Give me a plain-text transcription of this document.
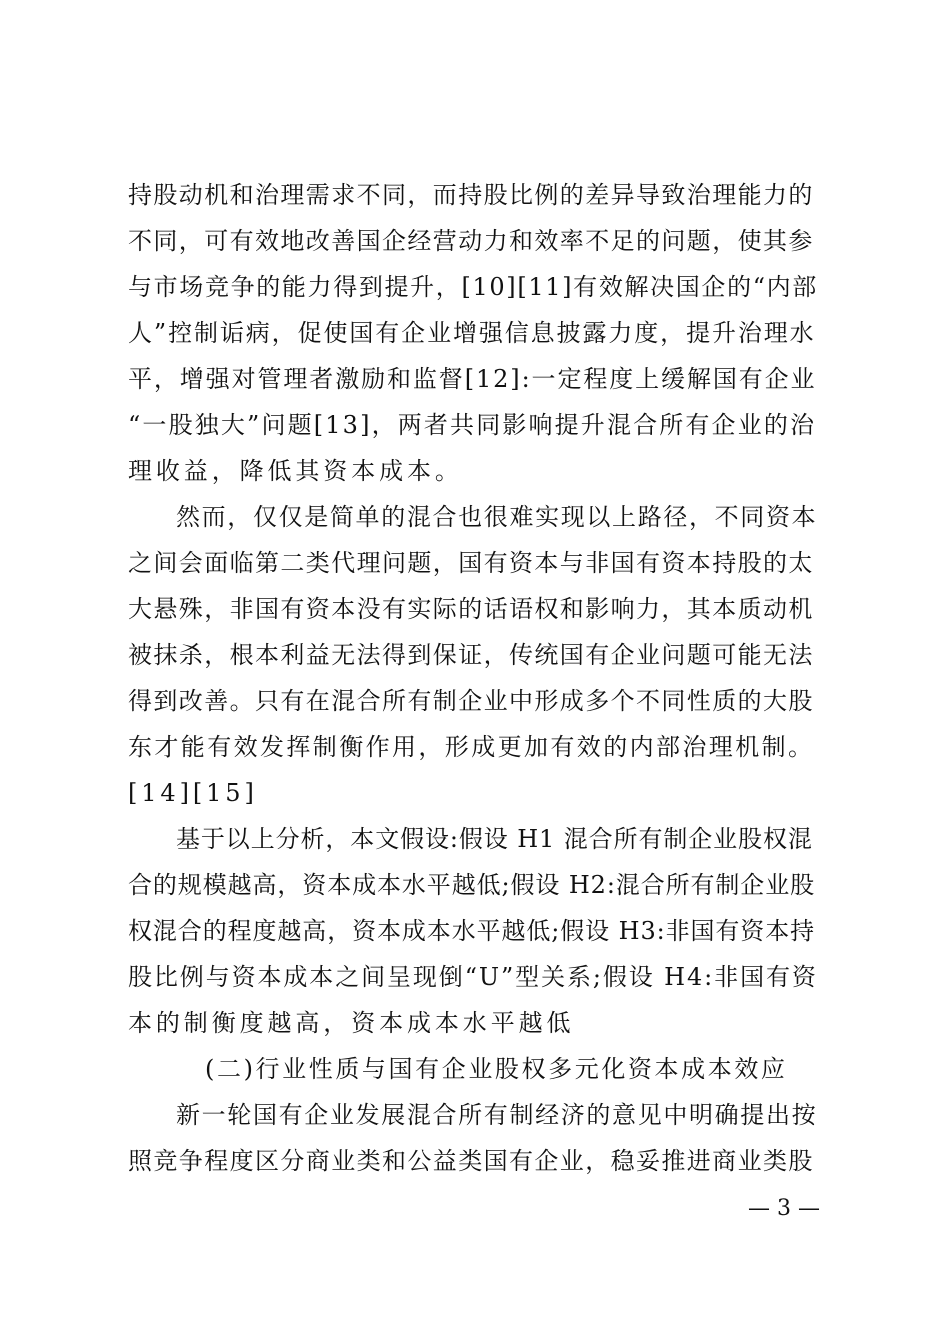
持股动机和治理需求不同，而持股比例的差异导致治理能力的
不同，可有效地改善国企经营动力和效率不足的问题，使其参
与市场竞争的能力得到提升，[10][11]有效解决国企的“内部
人”控制诟病，促使国有企业增强信息披露力度，提升治理水
平，增强对管理者激励和监督[12]:一定程度上缓解国有企业
“一股独大”问题[13]，两者共同影响提升混合所有企业的治
理收益，降低其资本成本。
然而，仅仅是简单的混合也很难实现以上路径，不同资本
之间会面临第二类代理问题，国有资本与非国有资本持股的太
大悬殊，非国有资本没有实际的话语权和影响力，其本质动机
被抹杀，根本利益无法得到保证，传统国有企业问题可能无法
得到改善。只有在混合所有制企业中形成多个不同性质的大股
东才能有效发挥制衡作用，形成更加有效的内部治理机制。
[14][15]
基于以上分析，本文假设:假设 H1 混合所有制企业股权混
合的规模越高，资本成本水平越低;假设 H2:混合所有制企业股
权混合的程度越高，资本成本水平越低;假设 H3:非国有资本持
股比例与资本成本之间呈现倒“U”型关系;假设 H4:非国有资
本的制衡度越高，资本成本水平越低
(二)行业性质与国有企业股权多元化资本成本效应
新一轮国有企业发展混合所有制经济的意见中明确提出按
照竞争程度区分商业类和公益类国有企业，稳妥推进商业类股
— 3 —
